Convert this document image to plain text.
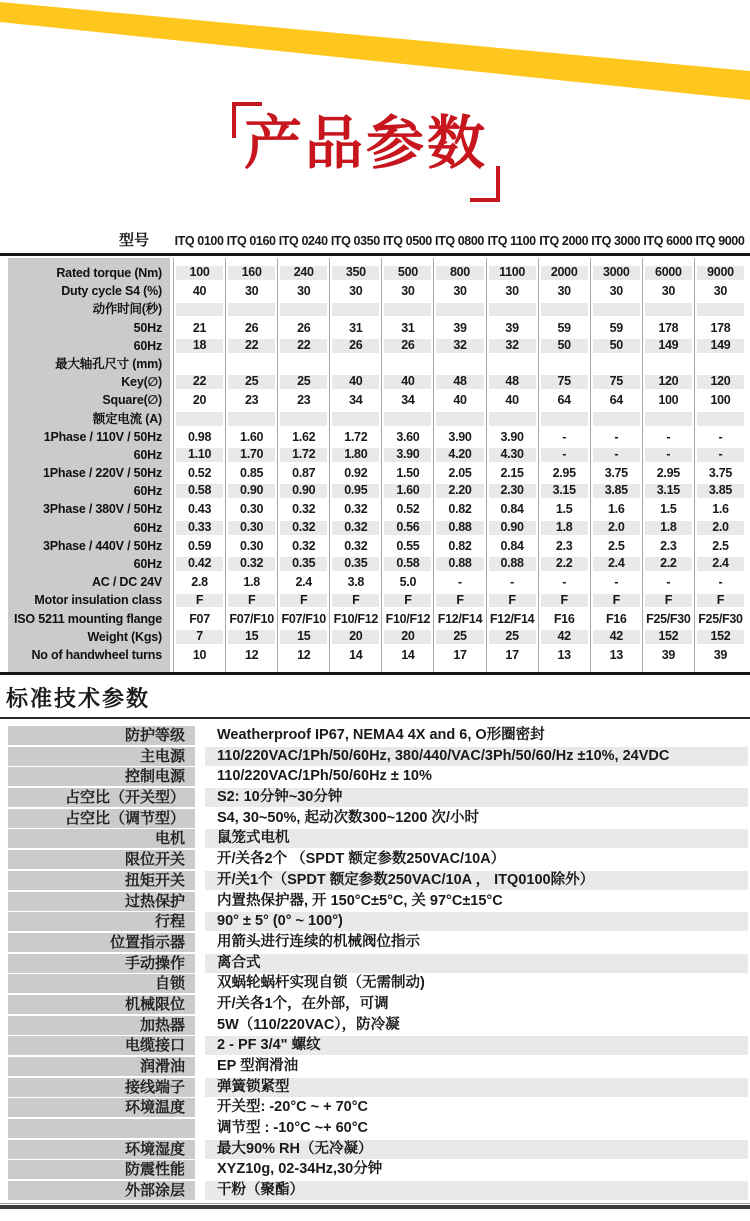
产品参数
型号	ITQ 0100 ITQ 0160 ITQ 0240 ITQ 0350 ITQ 0500 ITQ 0800 ITQ 1100 ITQ 2000 ITQ 3000 ITQ 6000 ITQ 9000
Rated torque (Nm)	100	160	240	350	500	800	1100	2000	3000	6000	9000
Duty cycle S4 (%)	40	30	30	30	30	30	30	30	30	30	30
动作时间(秒)
50Hz	21	26	26	31	31	39	39	59	59	178	178
60Hz	18	22	22	26	26	32	32	50	50	149	149
最大轴孔尺寸 (mm)
Key(∅)	22	25	25	40	40	48	48	75	75	120	120
Square(∅)	20	23	23	34	34	40	40	64	64	100	100
额定电流 (A)
1Phase / 110V / 50Hz	0.98	1.60	1.62	1.72	3.60	3.90	3.90	-	-	-	-
60Hz	1.10	1.70	1.72	1.80	3.90	4.20	4.30	-	-	-	-
1Phase / 220V / 50Hz	0.52	0.85	0.87	0.92	1.50	2.05	2.15	2.95	3.75	2.95	3.75
60Hz	0.58	0.90	0.90	0.95	1.60	2.20	2.30	3.15	3.85	3.15	3.85
3Phase / 380V / 50Hz	0.43	0.30	0.32	0.32	0.52	0.82	0.84	1.5	1.6	1.5	1.6
60Hz	0.33	0.30	0.32	0.32	0.56	0.88	0.90	1.8	2.0	1.8	2.0
3Phase / 440V / 50Hz	0.59	0.30	0.32	0.32	0.55	0.82	0.84	2.3	2.5	2.3	2.5
60Hz	0.42	0.32	0.35	0.35	0.58	0.88	0.88	2.2	2.4	2.2	2.4
AC / DC 24V	2.8	1.8	2.4	3.8	5.0	-	-	-	-	-	-
Motor insulation class	F	F	F	F	F	F	F	F	F	F	F
ISO 5211 mounting flange	F07	F07/F10 F07/F10 F10/F12 F10/F12 F12/F14 F12/F14	F16	F16	F25/F30 F25/F30
Weight (Kgs)	7	15	15	20	20	25	25	42	42	152	152
No of handwheel turns	10	12	12	14	14	17	17	13	13	39	39
标准技术参数
防护等级	Weatherproof IP67, NEMA4 4X and 6, O形圈密封
主电源	110/220VAC/1Ph/50/60Hz, 380/440/VAC/3Ph/50/60/Hz ±10%, 24VDC
控制电源	110/220VAC/1Ph/50/60Hz ± 10%
占空比（开关型）	S2: 10分钟~30分钟
占空比（调节型）	S4, 30~50%, 起动次数300~1200 次/小时
电机	鼠笼式电机
限位开关	开/关各2个 （SPDT 额定参数250VAC/10A）
扭矩开关	开/关1个（SPDT 额定参数250VAC/10A ， ITQ0100除外）
过热保护	内置热保护器, 开 150°C±5°C, 关 97°C±15°C
行程	90° ± 5° (0° ~ 100°)
位置指示器	用箭头进行连续的机械阀位指示
手动操作	离合式
自锁	双蜗轮蜗杆实现自锁（无需制动)
机械限位	开/关各1个，在外部，可调
加热器	5W（110/220VAC），防冷凝
电缆接口	2 - PF 3/4" 螺纹
润滑油	EP 型润滑油
接线端子	弹簧锁紧型
环境温度	开关型: -20°C ~ + 70°C
调节型 : -10°C ~+ 60°C
环境湿度	最大90% RH（无冷凝）
防震性能	XYZ10g, 02-34Hz,30分钟
外部涂层	干粉（聚酯）
